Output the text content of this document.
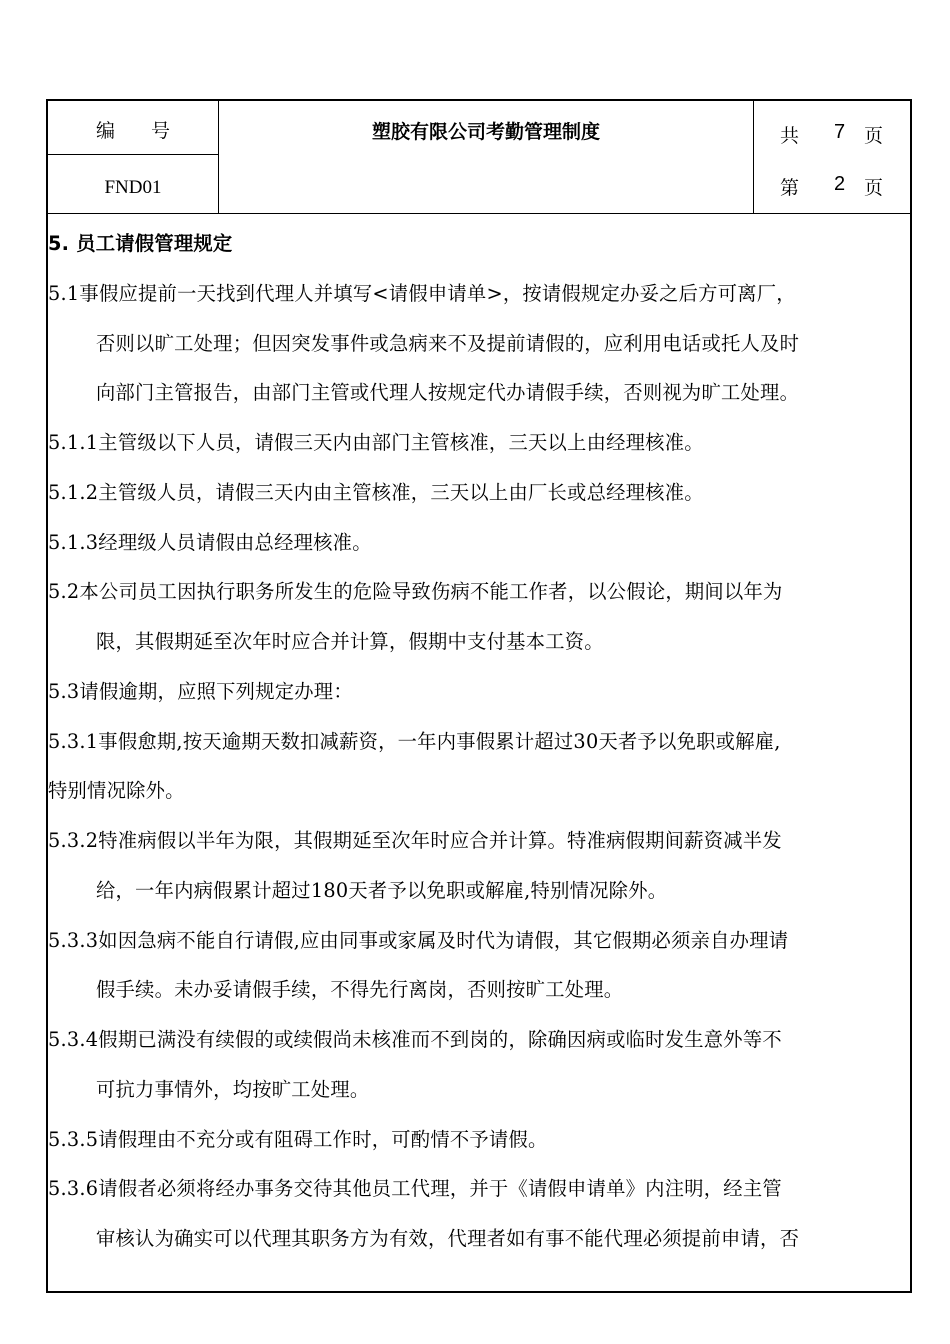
编号
FND01
塑胶有限公司考勤管理制度	共 7 页
第 2 页
5. 员工请假管理规定
5.1事假应提前一天找到代理人并填写<请假申请单>，按请假规定办妥之后方可离厂，
否则以旷工处理；但因突发事件或急病来不及提前请假的，应利用电话或托人及时
向部门主管报告，由部门主管或代理人按规定代办请假手续，否则视为旷工处理。
5.1.1主管级以下人员，请假三天内由部门主管核准，三天以上由经理核准。
5.1.2主管级人员，请假三天内由主管核准，三天以上由厂长或总经理核准。
5.1.3经理级人员请假由总经理核准。
5.2本公司员工因执行职务所发生的危险导致伤病不能工作者，以公假论，期间以年为
限，其假期延至次年时应合并计算，假期中支付基本工资。
5.3请假逾期，应照下列规定办理：
5.3.1事假愈期,按天逾期天数扣减薪资，一年内事假累计超过30天者予以免职或解雇,
特别情况除外。
5.3.2特准病假以半年为限，其假期延至次年时应合并计算。特准病假期间薪资减半发
给，一年内病假累计超过180天者予以免职或解雇,特别情况除外。
5.3.3如因急病不能自行请假,应由同事或家属及时代为请假，其它假期必须亲自办理请
假手续。未办妥请假手续，不得先行离岗，否则按旷工处理。
5.3.4假期已满没有续假的或续假尚未核准而不到岗的，除确因病或临时发生意外等不
可抗力事情外，均按旷工处理。
5.3.5请假理由不充分或有阻碍工作时，可酌情不予请假。
5.3.6请假者必须将经办事务交待其他员工代理，并于《请假申请单》内注明，经主管
审核认为确实可以代理其职务方为有效，代理者如有事不能代理必须提前申请，否
